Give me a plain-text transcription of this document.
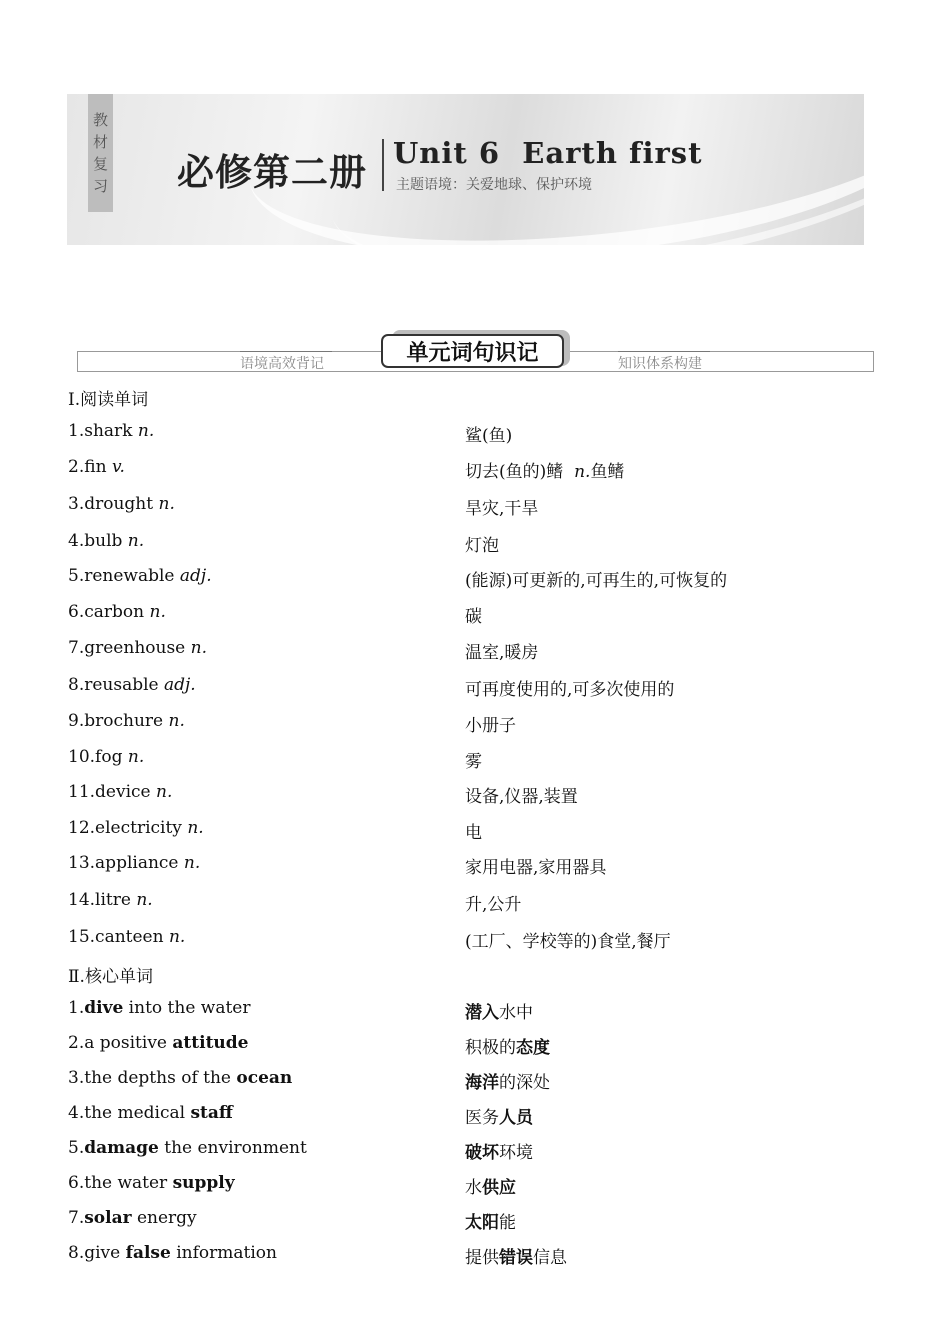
教
材
复
习 必修第二册 Unit 6  Earth first
主题语境：关爱地球、保护环境
语境高效背记	知识体系构建
单元词句识记
Ⅰ.阅读单词
1.shark n.	鲨(鱼)
2.fin v.	切去(鱼的)鳍 n.鱼鳍
3.drought n.	旱灾,干旱
4.bulb n.	灯泡
5.renewable adj.	(能源)可更新的,可再生的,可恢复的
6.carbon n.	碳
7.greenhouse n.	温室,暖房
8.reusable adj.	可再度使用的,可多次使用的
9.brochure n.	小册子
10.fog n.	雾
11.device n.	设备,仪器,装置
12.electricity n.	电
13.appliance n.	家用电器,家用器具
14.litre n.	升,公升
15.canteen n.	(工厂、学校等的)食堂,餐厅
Ⅱ.核心单词
1.dive into the water	潜入水中
2.a positive attitude	积极的态度
3.the depths of the ocean	海洋的深处
4.the medical staff	医务人员
5.damage the environment	破坏环境
6.the water supply	水供应
7.solar energy	太阳能
8.give false information	提供错误信息
